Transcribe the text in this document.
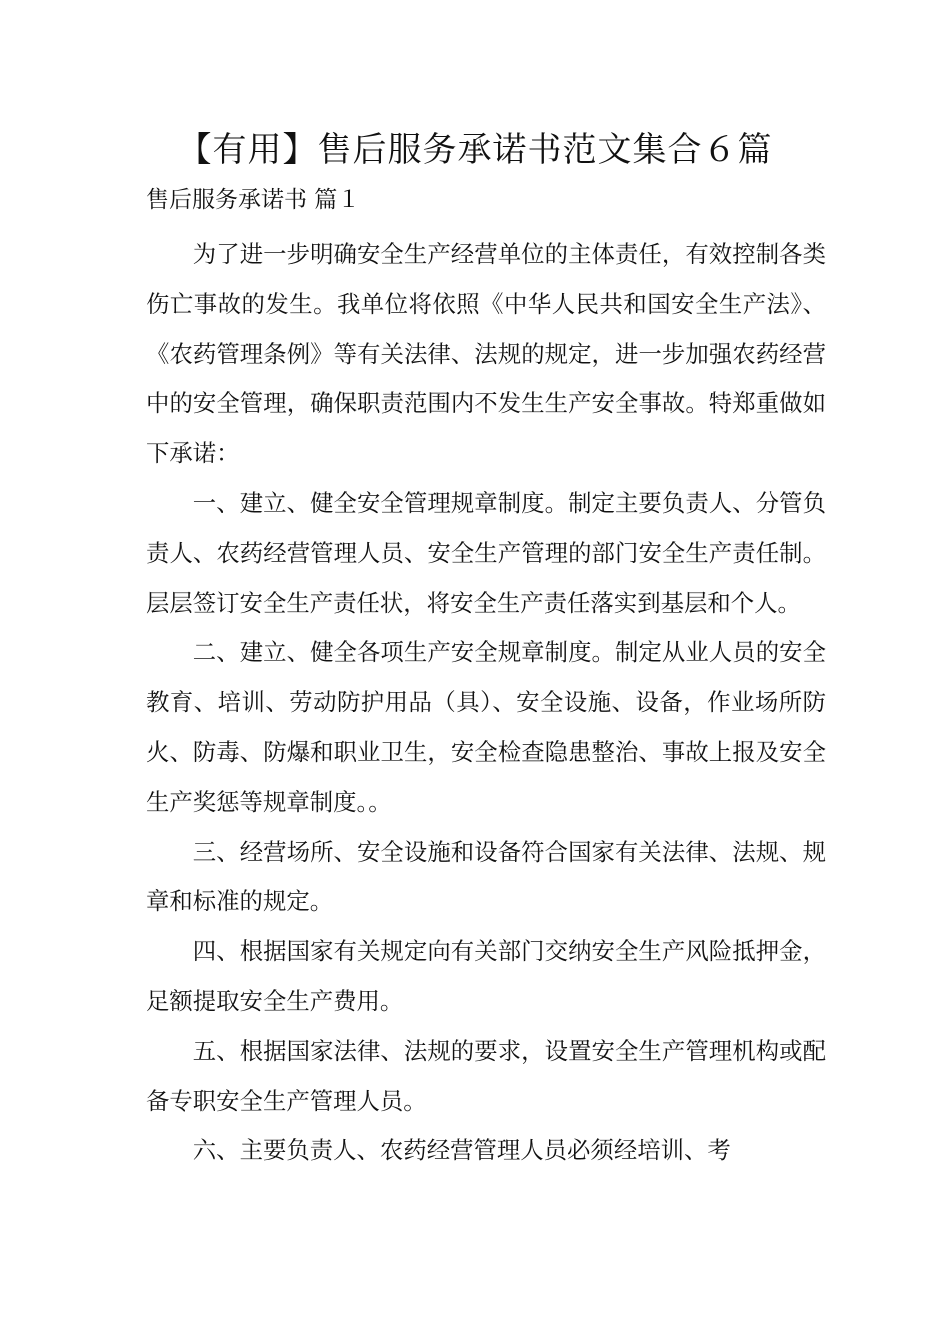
【有用】售后服务承诺书范文集合６篇

售后服务承诺书 篇１

为了进一步明确安全生产经营单位的主体责任，有效控制各类伤亡事故的发生。我单位将依照《中华人民共和国安全生产法》、《农药管理条例》等有关法律、法规的规定，进一步加强农药经营中的安全管理，确保职责范围内不发生生产安全事故。特郑重做如下承诺：

一、建立、健全安全管理规章制度。制定主要负责人、分管负责人、农药经营管理人员、安全生产管理的部门安全生产责任制。层层签订安全生产责任状，将安全生产责任落实到基层和个人。

二、建立、健全各项生产安全规章制度。制定从业人员的安全教育、培训、劳动防护用品（具）、安全设施、设备，作业场所防火、防毒、防爆和职业卫生，安全检查隐患整治、事故上报及安全生产奖惩等规章制度。。

三、经营场所、安全设施和设备符合国家有关法律、法规、规章和标准的规定。

四、根据国家有关规定向有关部门交纳安全生产风险抵押金，足额提取安全生产费用。

五、根据国家法律、法规的要求，设置安全生产管理机构或配备专职安全生产管理人员。

六、主要负责人、农药经营管理人员必须经培训、考
